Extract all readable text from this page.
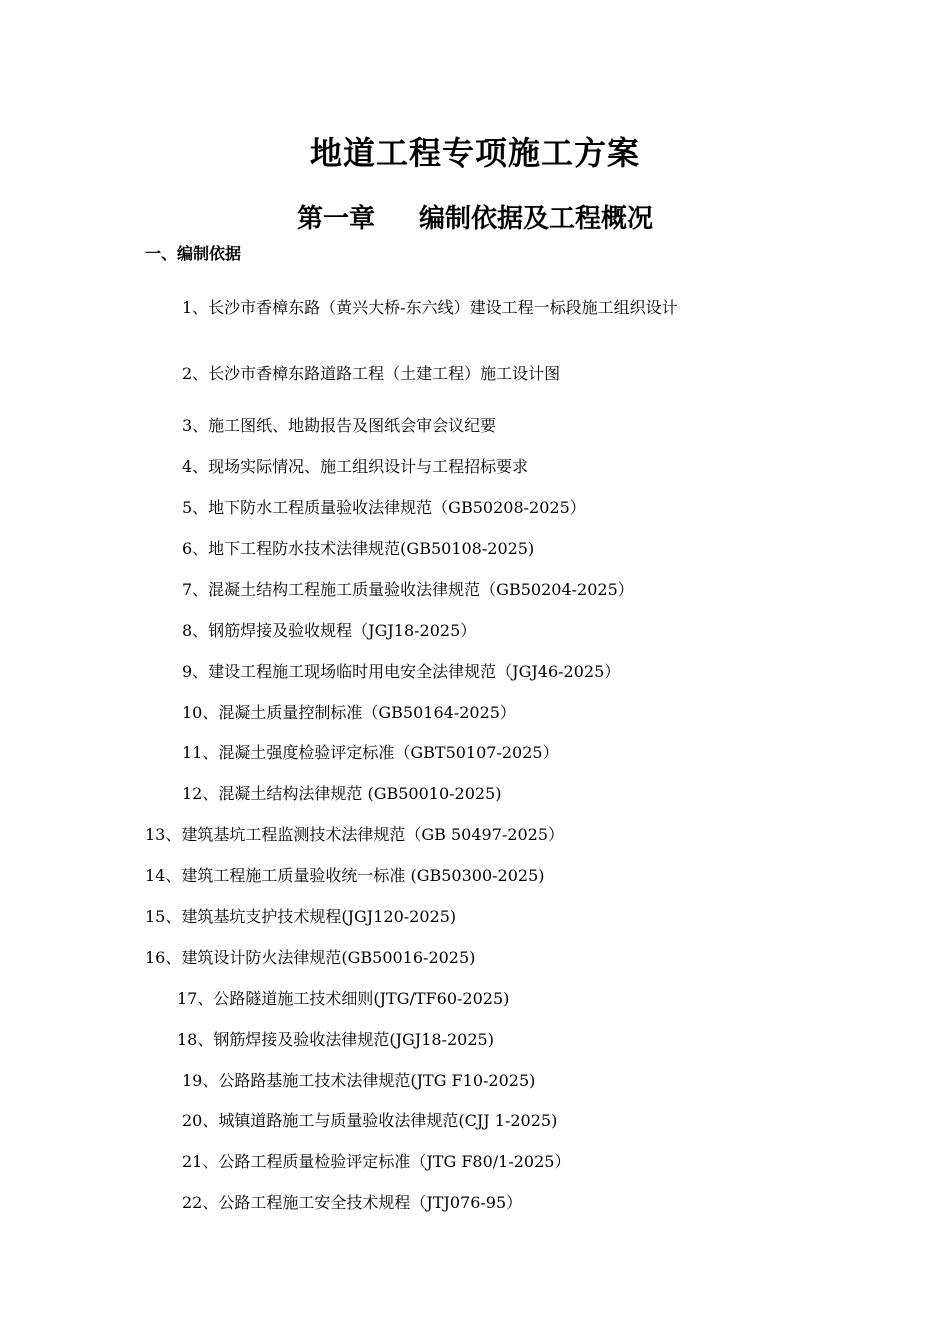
地道工程专项施工方案
第一章 编制依据及工程概况
一、编制依据
1、长沙市香樟东路（黄兴大桥-东六线）建设工程一标段施工组织设计
2、长沙市香樟东路道路工程（土建工程）施工设计图
3、施工图纸、地勘报告及图纸会审会议纪要
4、现场实际情况、施工组织设计与工程招标要求
5、地下防水工程质量验收法律规范（GB50208-2025）
6、地下工程防水技术法律规范(GB50108-2025)
7、混凝土结构工程施工质量验收法律规范（GB50204-2025）
8、钢筋焊接及验收规程（JGJ18-2025）
9、建设工程施工现场临时用电安全法律规范（JGJ46-2025）
10、混凝土质量控制标准（GB50164-2025）
11、混凝土强度检验评定标准（GBT50107-2025）
12、混凝土结构法律规范 (GB50010-2025)
13、建筑基坑工程监测技术法律规范（GB 50497-2025）
14、建筑工程施工质量验收统一标准 (GB50300-2025)
15、建筑基坑支护技术规程(JGJ120-2025)
16、建筑设计防火法律规范(GB50016-2025)
17、公路隧道施工技术细则(JTG/TF60-2025)
18、钢筋焊接及验收法律规范(JGJ18-2025)
19、公路路基施工技术法律规范(JTG F10-2025)
20、城镇道路施工与质量验收法律规范(CJJ 1-2025)
21、公路工程质量检验评定标准（JTG F80/1-2025）
22、公路工程施工安全技术规程（JTJ076-95）
